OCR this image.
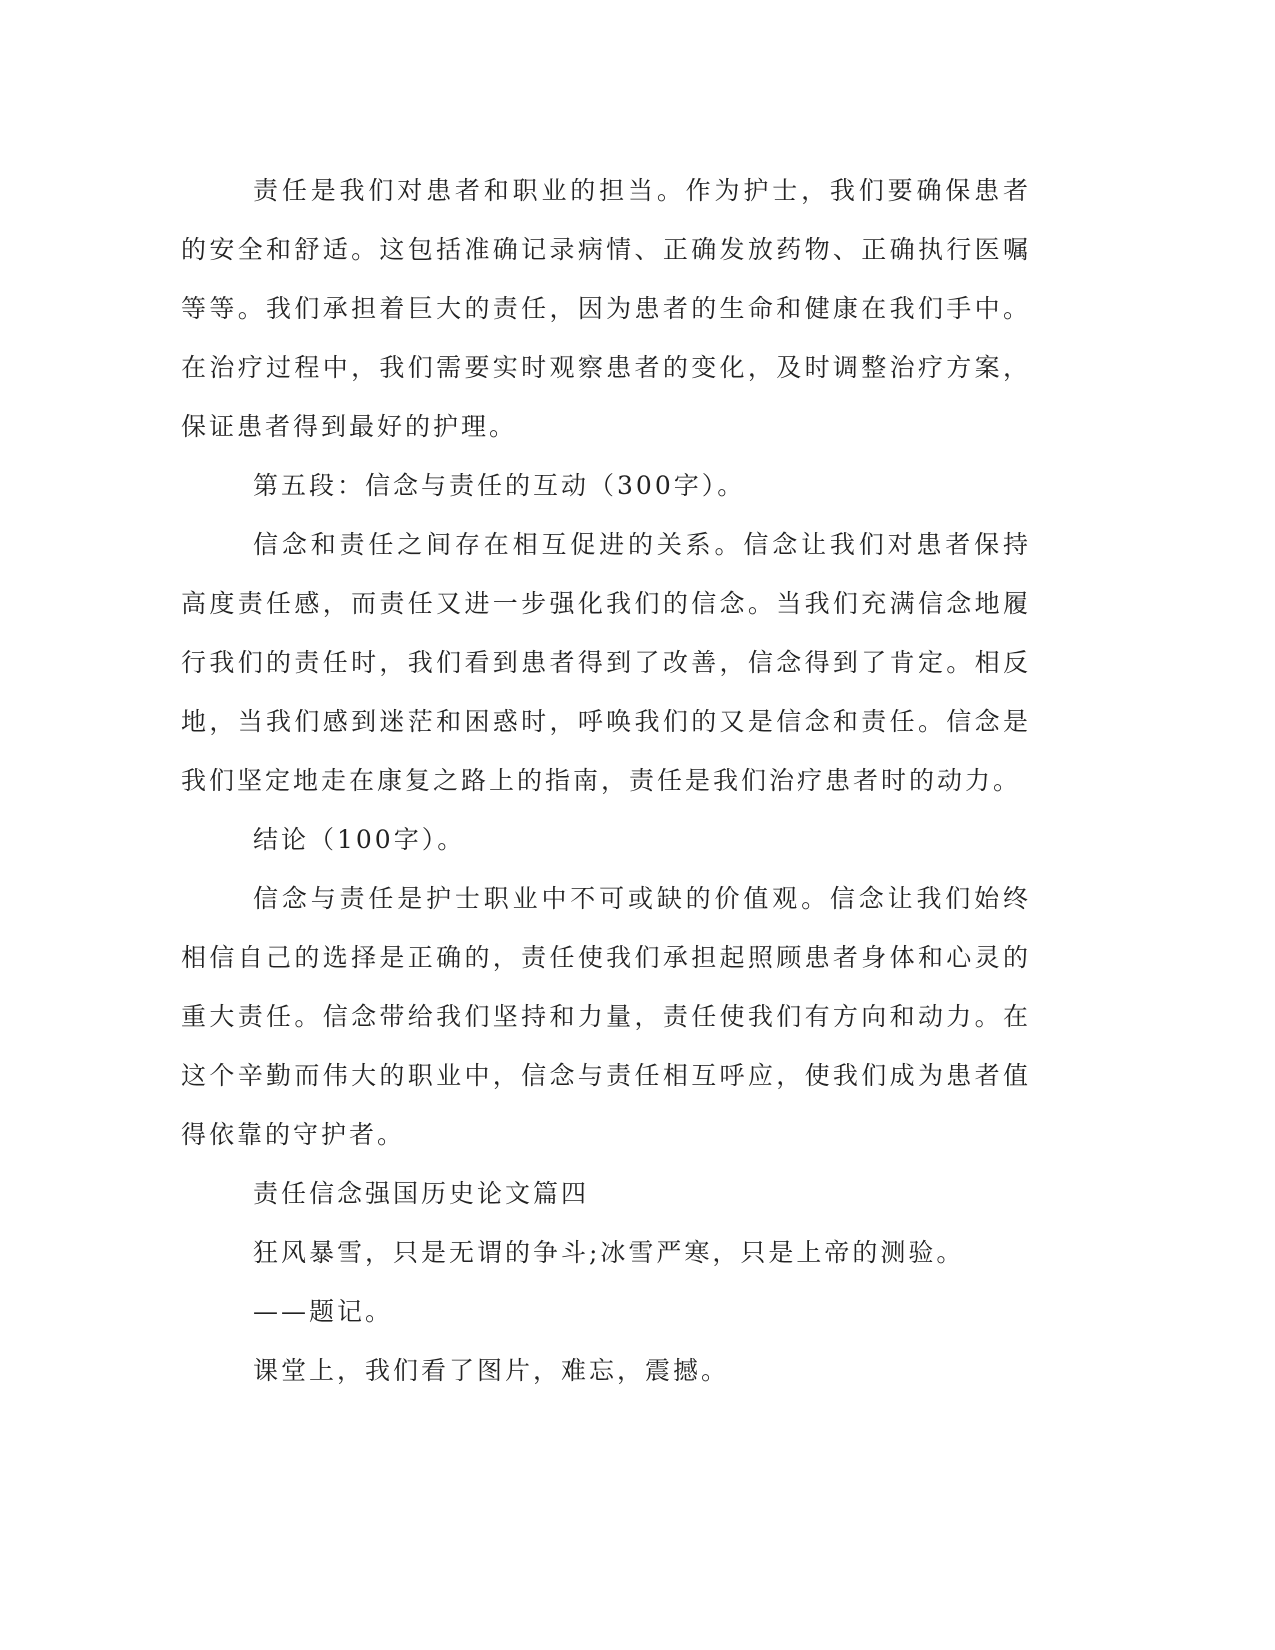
责任是我们对患者和职业的担当。作为护士，我们要确保患者的安全和舒适。这包括准确记录病情、正确发放药物、正确执行医嘱等等。我们承担着巨大的责任，因为患者的生命和健康在我们手中。在治疗过程中，我们需要实时观察患者的变化，及时调整治疗方案，保证患者得到最好的护理。

第五段：信念与责任的互动（300字）。

信念和责任之间存在相互促进的关系。信念让我们对患者保持高度责任感，而责任又进一步强化我们的信念。当我们充满信念地履行我们的责任时，我们看到患者得到了改善，信念得到了肯定。相反地，当我们感到迷茫和困惑时，呼唤我们的又是信念和责任。信念是我们坚定地走在康复之路上的指南，责任是我们治疗患者时的动力。

结论（100字）。

信念与责任是护士职业中不可或缺的价值观。信念让我们始终相信自己的选择是正确的，责任使我们承担起照顾患者身体和心灵的重大责任。信念带给我们坚持和力量，责任使我们有方向和动力。在这个辛勤而伟大的职业中，信念与责任相互呼应，使我们成为患者值得依靠的守护者。

责任信念强国历史论文篇四

狂风暴雪，只是无谓的争斗;冰雪严寒，只是上帝的测验。

——题记。

课堂上，我们看了图片，难忘，震撼。
